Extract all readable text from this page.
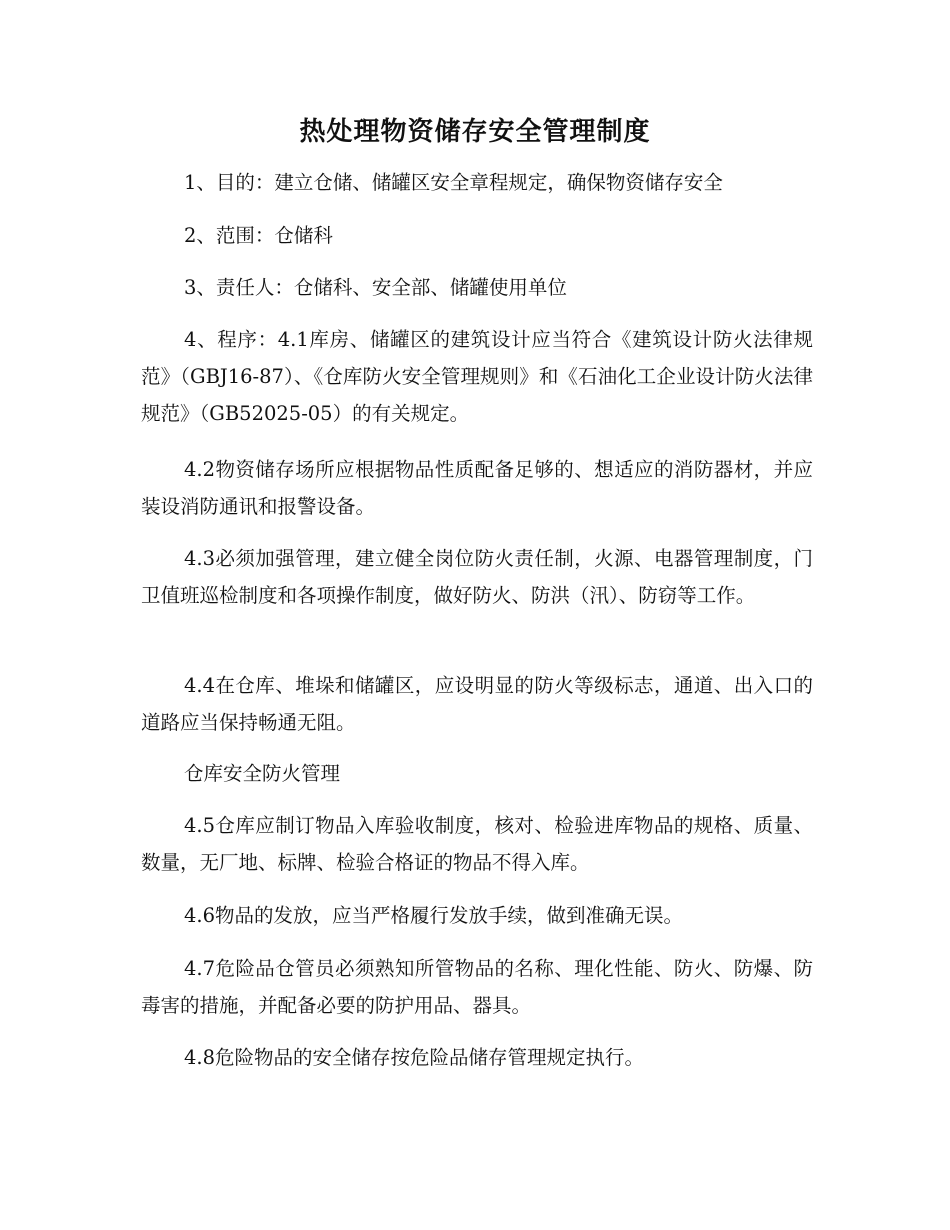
热处理物资储存安全管理制度

1、目的：建立仓储、储罐区安全章程规定，确保物资储存安全

2、范围：仓储科

3、责任人：仓储科、安全部、储罐使用单位

4、程序：4.1库房、储罐区的建筑设计应当符合《建筑设计防火法律规范》（GBJ16-87）、《仓库防火安全管理规则》和《石油化工企业设计防火法律规范》（GB52025-05）的有关规定。

4.2物资储存场所应根据物品性质配备足够的、想适应的消防器材，并应装设消防通讯和报警设备。

4.3必须加强管理，建立健全岗位防火责任制，火源、电器管理制度，门卫值班巡检制度和各项操作制度，做好防火、防洪（汛）、防窃等工作。

4.4在仓库、堆垛和储罐区，应设明显的防火等级标志，通道、出入口的道路应当保持畅通无阻。

仓库安全防火管理

4.5仓库应制订物品入库验收制度，核对、检验进库物品的规格、质量、数量，无厂地、标牌、检验合格证的物品不得入库。

4.6物品的发放，应当严格履行发放手续，做到准确无误。

4.7危险品仓管员必须熟知所管物品的名称、理化性能、防火、防爆、防毒害的措施，并配备必要的防护用品、器具。

4.8危险物品的安全储存按危险品储存管理规定执行。
